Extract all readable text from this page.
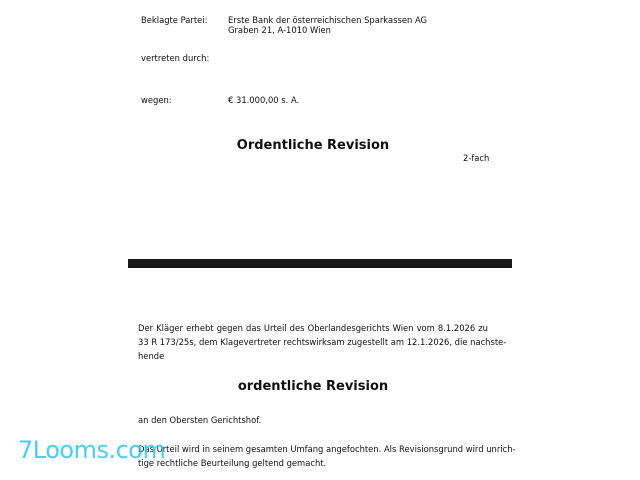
Beklagte Partei: Erste Bank der österreichischen Sparkassen AG
Graben 21, A-1010 Wien
vertreten durch:
wegen:	€ 31.000,00 s. A.
Ordentliche Revision
2-fach
Der Kläger erhebt gegen das Urteil des Oberlandesgerichts Wien vom 8.1.2026 zu
33 R 173/25s, dem Klagevertreter rechtswirksam zugestellt am 12.1.2026, die nachste-
hende
ordentliche Revision
an den Obersten Gerichtshof.
Das Urteil wird in seinem gesamten Umfang angefochten. Als Revisionsgrund wird unrich-
tige rechtliche Beurteilung geltend gemacht.
7Looms.com
